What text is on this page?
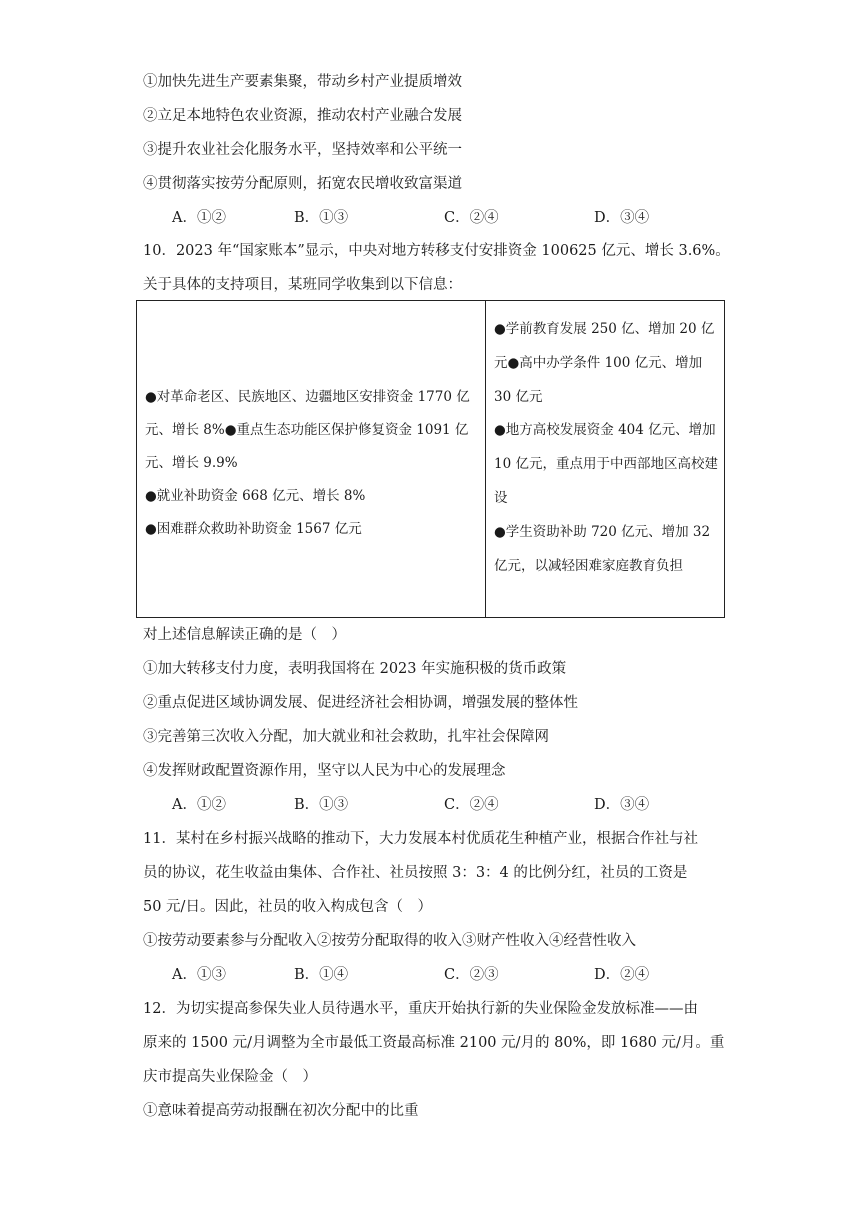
①加快先进生产要素集聚，带动乡村产业提质增效
②立足本地特色农业资源，推动农村产业融合发展
③提升农业社会化服务水平，坚持效率和公平统一
④贯彻落实按劳分配原则，拓宽农民增收致富渠道
A．①②	B．①③	C．②④	D．③④
10．2023 年“国家账本”显示，中央对地方转移支付安排资金 100625 亿元、增长 3.6%。
关于具体的支持项目，某班同学收集到以下信息：

●对革命老区、民族地区、边疆地区安排资金 1770 亿元、增长 8%●重点生态功能区保护修复资金 1091 亿元、增长 9.9%

●就业补助资金 668 亿元、增长 8%

●困难群众救助补助资金 1567 亿元

●学前教育发展 250 亿、增加 20 亿元●高中办学条件 100 亿元、增加 30 亿元

●地方高校发展资金 404 亿元、增加 10 亿元，重点用于中西部地区高校建设

●学生资助补助 720 亿元、增加 32 亿元，以减轻困难家庭教育负担

对上述信息解读正确的是（　）
①加大转移支付力度，表明我国将在 2023 年实施积极的货币政策
②重点促进区域协调发展、促进经济社会相协调，增强发展的整体性
③完善第三次收入分配，加大就业和社会救助，扎牢社会保障网
④发挥财政配置资源作用，坚守以人民为中心的发展理念
A．①②	B．①③	C．②④	D．③④
11．某村在乡村振兴战略的推动下，大力发展本村优质花生种植产业，根据合作社与社
员的协议，花生收益由集体、合作社、社员按照 3：3：4 的比例分红，社员的工资是
50 元/日。因此，社员的收入构成包含（　）
①按劳动要素参与分配收入②按劳分配取得的收入③财产性收入④经营性收入
A．①③	B．①④	C．②③	D．②④
12．为切实提高参保失业人员待遇水平，重庆开始执行新的失业保险金发放标准——由
原来的 1500 元/月调整为全市最低工资最高标准 2100 元/月的 80%，即 1680 元/月。重
庆市提高失业保险金（　）
①意味着提高劳动报酬在初次分配中的比重
